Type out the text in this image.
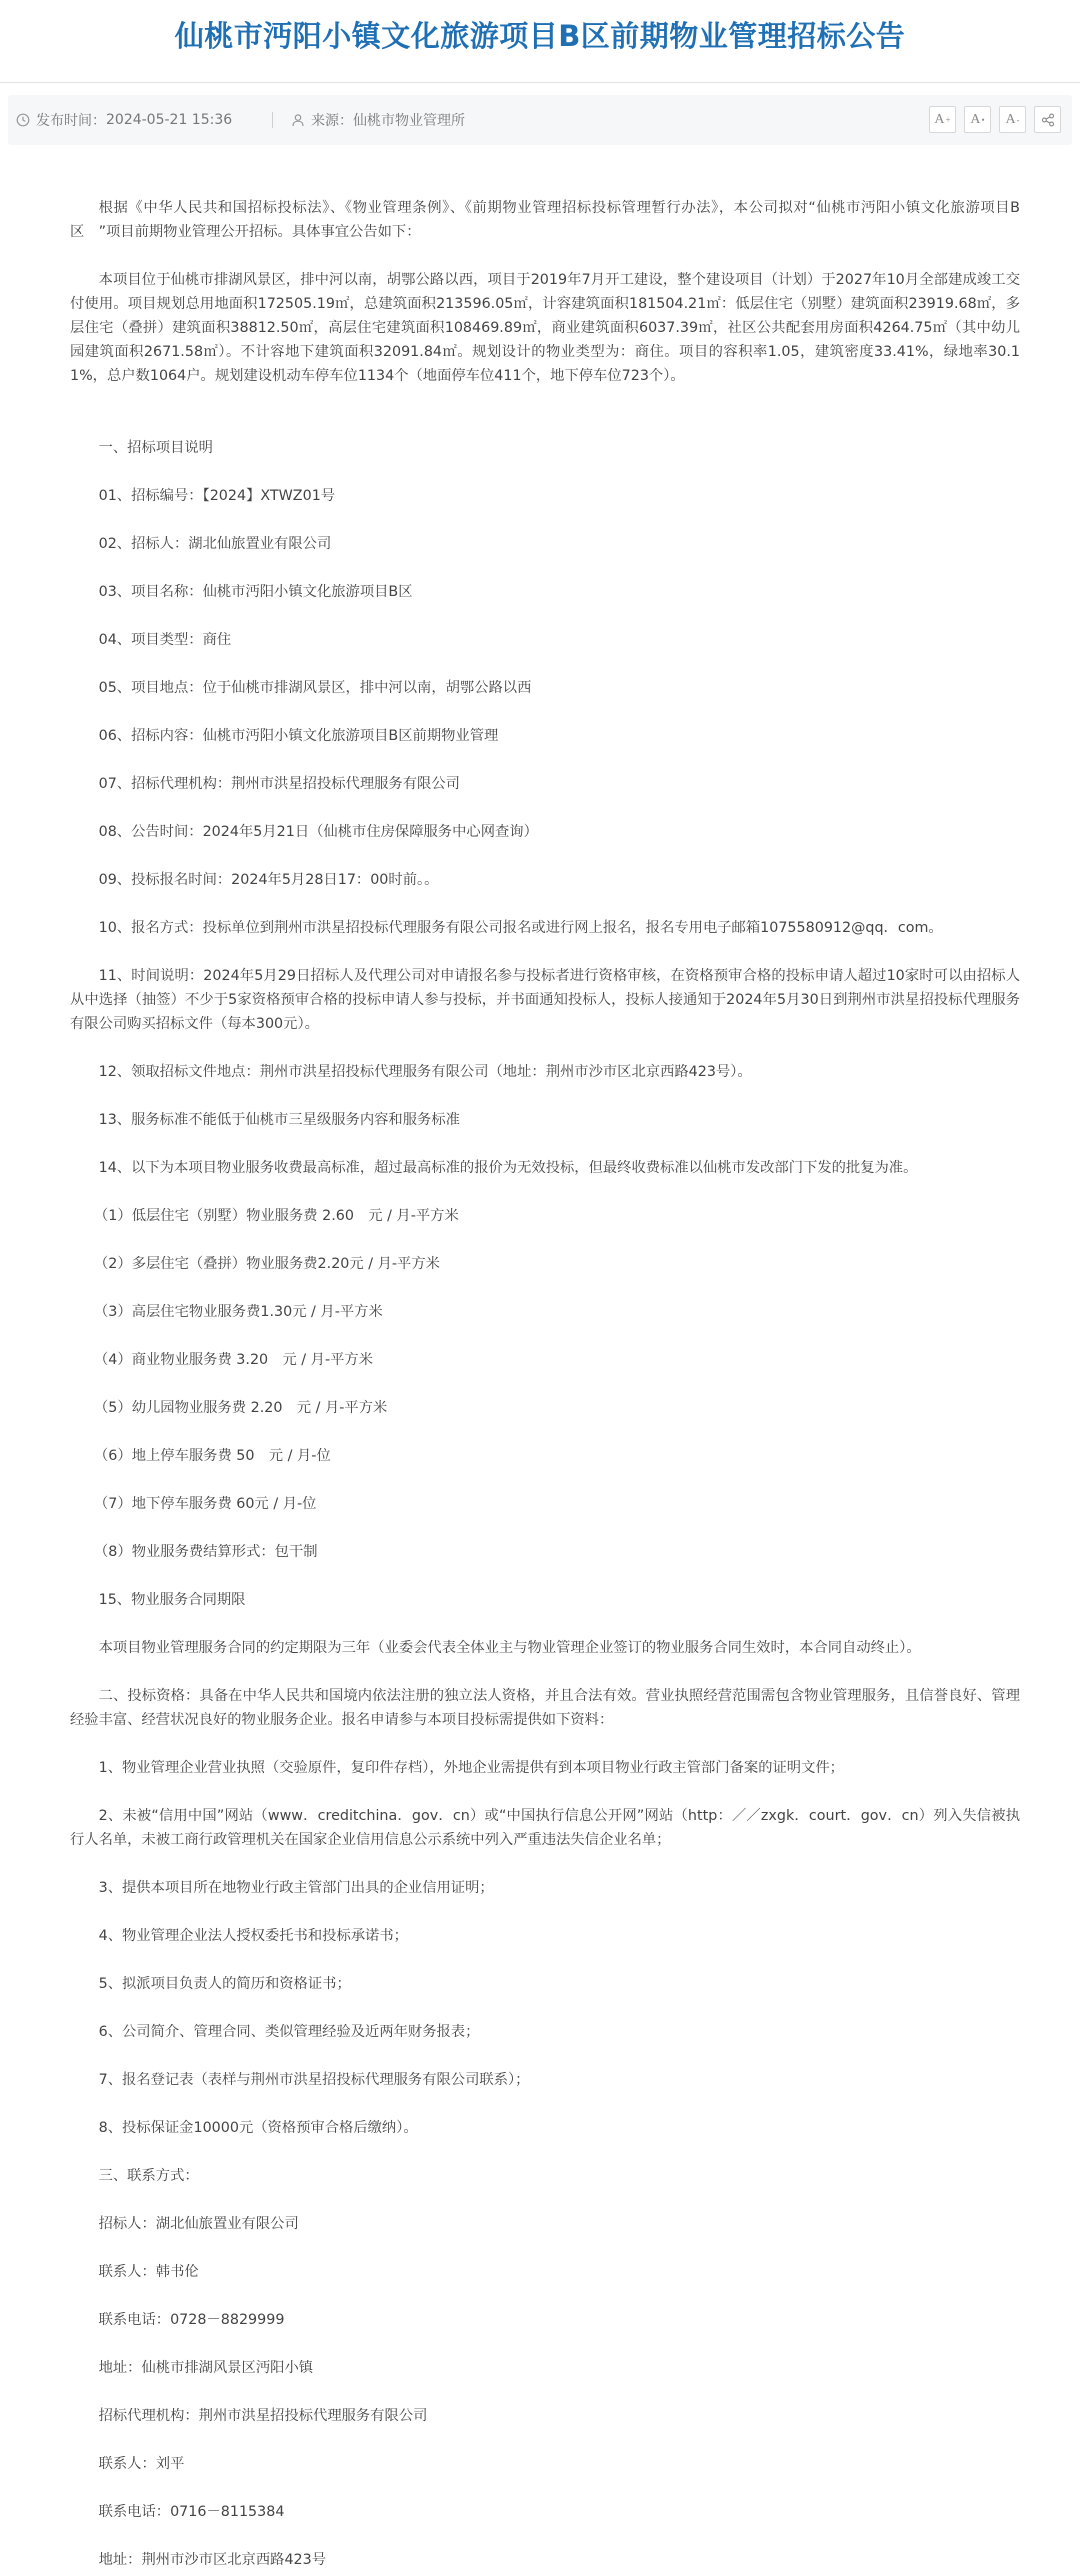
仙桃市沔阳小镇文化旅游项目B区前期物业管理招标公告
发布时间： 2024-05-21 15:36	来源： 仙桃市物业管理所	A + A • A -

根据《中华人民共和国招标投标法》、《物业管理条例》、《前期物业管理招标投标管理暂行办法》，本公司拟对“仙桃市沔阳小镇文化旅游项目B区　”项目前期物业管理公开招标。具体事宜公告如下：

本项目位于仙桃市排湖风景区，排中河以南，胡鄂公路以西，项目于2019年7月开工建设，整个建设项目（计划）于2027年10月全部建成竣工交付使用。项目规划总用地面积172505.19㎡，总建筑面积213596.05㎡，计容建筑面积181504.21㎡：低层住宅（别墅）建筑面积23919.68㎡，多层住宅（叠拼）建筑面积38812.50㎡，高层住宅建筑面积108469.89㎡，商业建筑面积6037.39㎡，社区公共配套用房面积4264.75㎡（其中幼儿园建筑面积2671.58㎡）。不计容地下建筑面积32091.84㎡。规划设计的物业类型为：商住。项目的容积率1.05，建筑密度33.41%，绿地率30.11%，总户数1064户。规划建设机动车停车位1134个（地面停车位411个，地下停车位723个）。

一、招标项目说明

01、招标编号：【2024】XTWZ01号

02、招标人：湖北仙旅置业有限公司

03、项目名称：仙桃市沔阳小镇文化旅游项目B区

04、项目类型：商住

05、项目地点：位于仙桃市排湖风景区，排中河以南，胡鄂公路以西

06、招标内容：仙桃市沔阳小镇文化旅游项目B区前期物业管理

07、招标代理机构：荆州市洪星招投标代理服务有限公司

08、公告时间：2024年5月21日（仙桃市住房保障服务中心网查询）

09、投标报名时间：2024年5月28日17：00时前。。

10、报名方式：投标单位到荆州市洪星招投标代理服务有限公司报名或进行网上报名，报名专用电子邮箱1075580912@qq．com。

11、时间说明：2024年5月29日招标人及代理公司对申请报名参与投标者进行资格审核，在资格预审合格的投标申请人超过10家时可以由招标人从中选择（抽签）不少于5家资格预审合格的投标申请人参与投标，并书面通知投标人，投标人接通知于2024年5月30日到荆州市洪星招投标代理服务有限公司购买招标文件（每本300元）。

12、领取招标文件地点：荆州市洪星招投标代理服务有限公司（地址：荆州市沙市区北京西路423号）。

13、服务标准不能低于仙桃市三星级服务内容和服务标准

14、以下为本项目物业服务收费最高标准，超过最高标准的报价为无效投标，但最终收费标准以仙桃市发改部门下发的批复为准。

（1）低层住宅（别墅）物业服务费 2.60　元 / 月-平方米

（2）多层住宅（叠拼）物业服务费2.20元 / 月-平方米

（3）高层住宅物业服务费1.30元 / 月-平方米

（4）商业物业服务费 3.20　元 / 月-平方米

（5）幼儿园物业服务费 2.20　元 / 月-平方米

（6）地上停车服务费 50　元 / 月-位

（7）地下停车服务费 60元 / 月-位

（8）物业服务费结算形式：包干制

15、物业服务合同期限

本项目物业管理服务合同的约定期限为三年（业委会代表全体业主与物业管理企业签订的物业服务合同生效时，本合同自动终止）。

二、投标资格：具备在中华人民共和国境内依法注册的独立法人资格，并且合法有效。营业执照经营范围需包含物业管理服务，且信誉良好、管理经验丰富、经营状况良好的物业服务企业。报名申请参与本项目投标需提供如下资料：

1、物业管理企业营业执照（交验原件，复印件存档），外地企业需提供有到本项目物业行政主管部门备案的证明文件；

2、未被“信用中国”网站（www．creditchina．gov．cn）或“中国执行信息公开网”网站（http：／／zxgk．court．gov．cn）列入失信被执行人名单，未被工商行政管理机关在国家企业信用信息公示系统中列入严重违法失信企业名单；

3、提供本项目所在地物业行政主管部门出具的企业信用证明；

4、物业管理企业法人授权委托书和投标承诺书；

5、拟派项目负责人的简历和资格证书；

6、公司简介、管理合同、类似管理经验及近两年财务报表；

7、报名登记表（表样与荆州市洪星招投标代理服务有限公司联系）；

8、投标保证金10000元（资格预审合格后缴纳）。

三、联系方式：

招标人：湖北仙旅置业有限公司

联系人：韩书伦

联系电话：0728－8829999

地址：仙桃市排湖风景区沔阳小镇

招标代理机构：荆州市洪星招投标代理服务有限公司

联系人：刘平

联系电话：0716－8115384

地址：荆州市沙市区北京西路423号
